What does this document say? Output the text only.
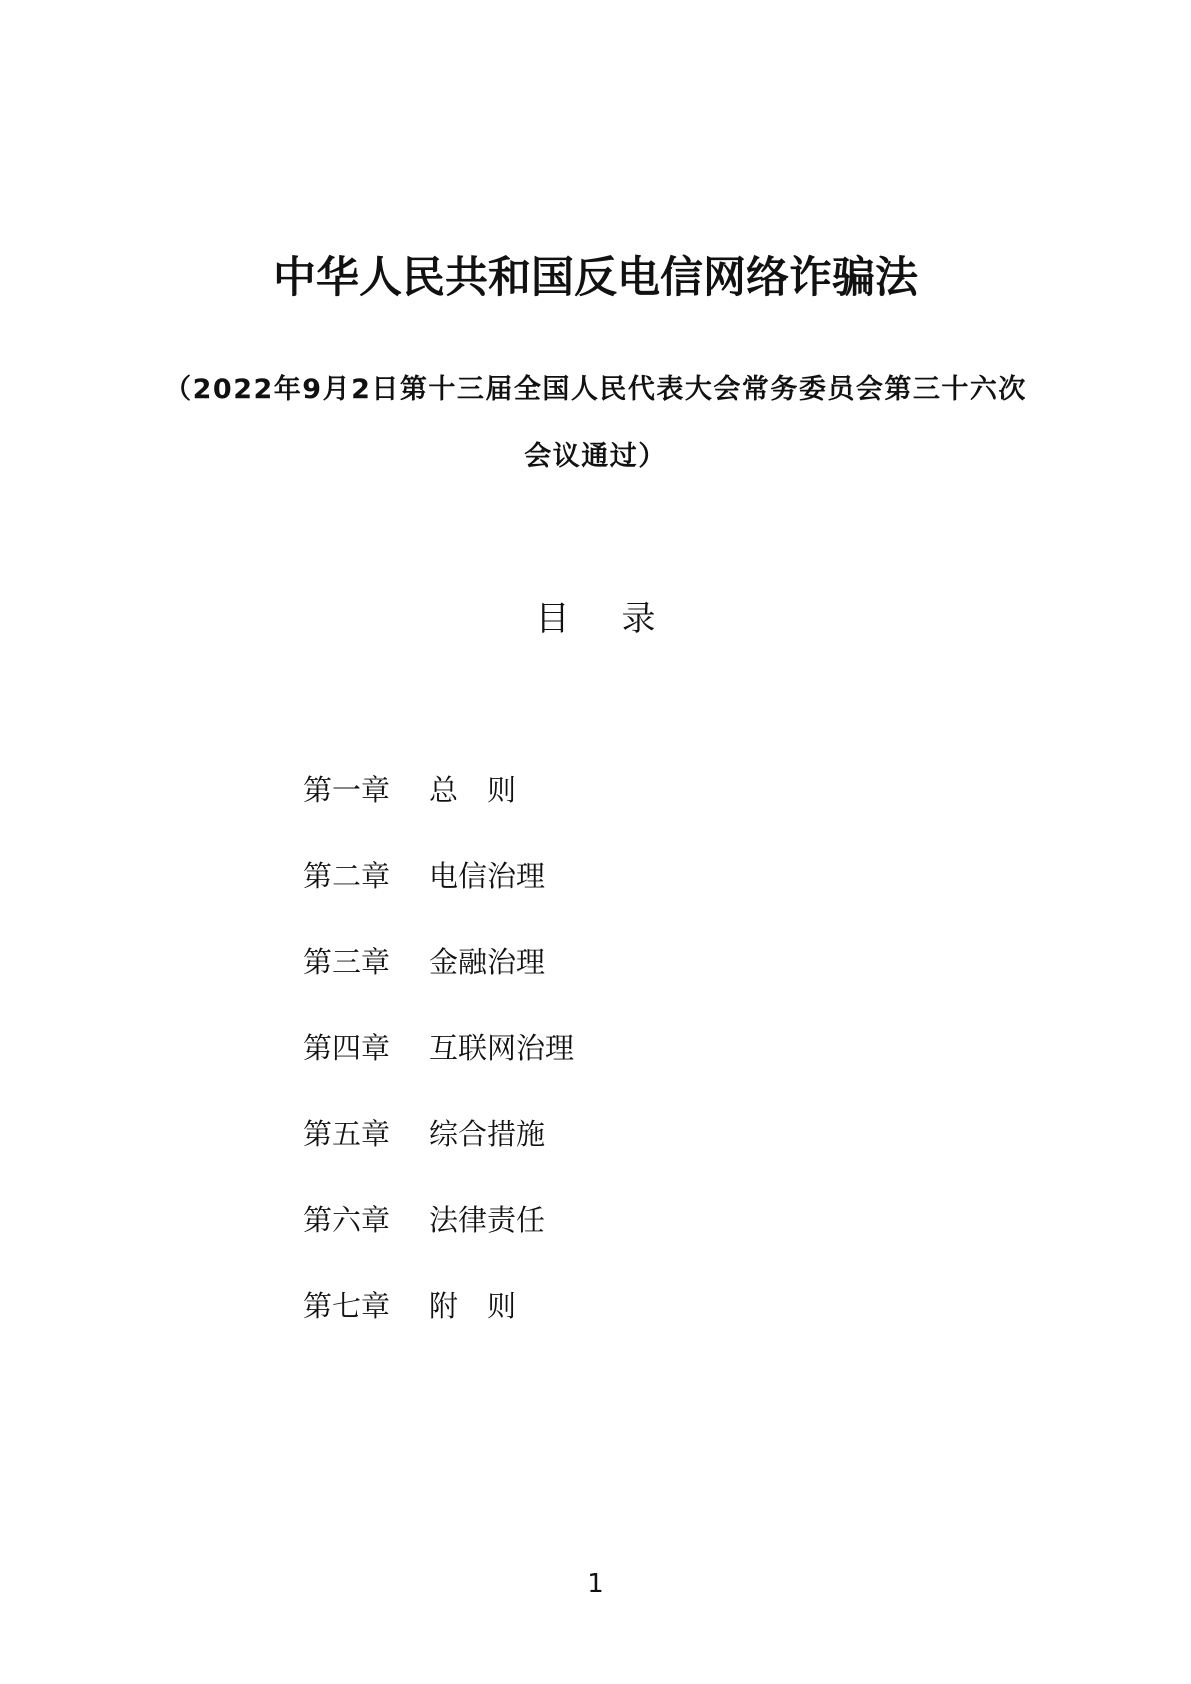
中华人民共和国反电信网络诈骗法
（2022年9月2日第十三届全国人民代表大会常务委员会第三十六次
会议通过）
目 录
第一章 总　则
第二章 电信治理
第三章 金融治理
第四章 互联网治理
第五章 综合措施
第六章 法律责任
第七章 附　则
1
